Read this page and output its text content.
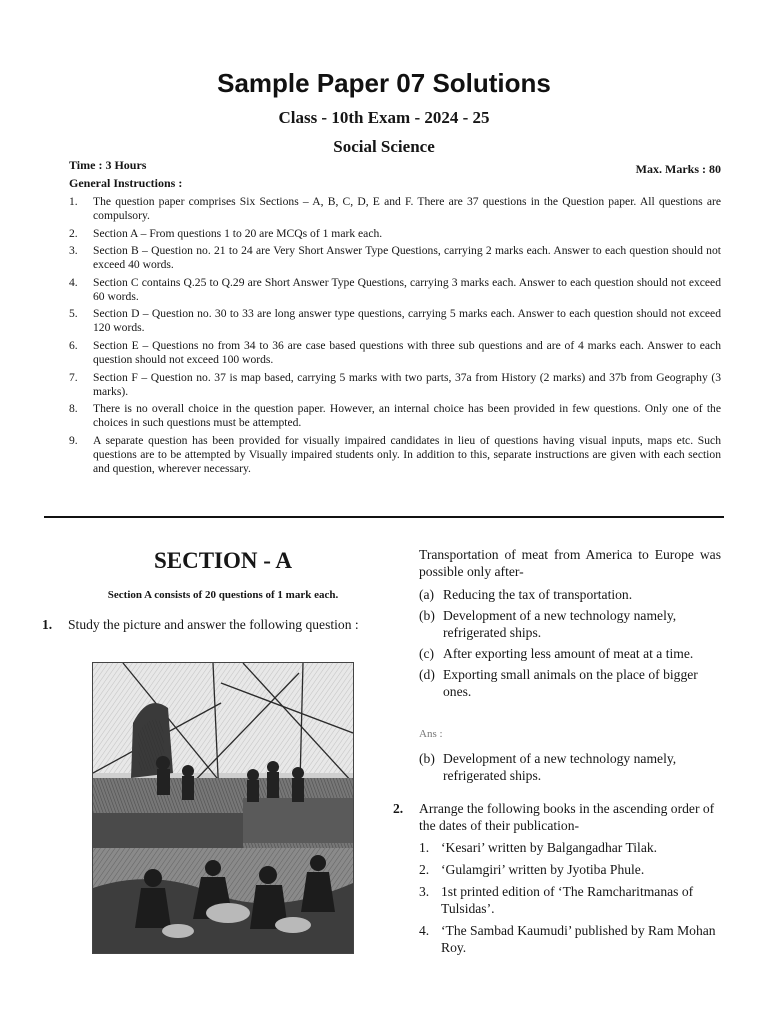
Sample Paper 07 Solutions
Class - 10th Exam - 2024 - 25
Social Science
Time : 3 Hours	Max. Marks : 80
General Instructions :
1.	The question paper comprises Six Sections – A, B, C, D, E and F. There are 37 questions in the Question paper. All questions are compulsory.
2.	Section A – From questions 1 to 20 are MCQs of 1 mark each.
3.	Section B – Question no. 21 to 24 are Very Short Answer Type Questions, carrying 2 marks each. Answer to each question should not exceed 40 words.
4.	Section C contains Q.25 to Q.29 are Short Answer Type Questions, carrying 3 marks each. Answer to each question should not exceed 60 words.
5.	Section D – Question no. 30 to 33 are long answer type questions, carrying 5 marks each. Answer to each question should not exceed 120 words.
6.	Section E – Questions no from 34 to 36 are case based questions with three sub questions and are of 4 marks each. Answer to each question should not exceed 100 words.
7.	Section F – Question no. 37 is map based, carrying 5 marks with two parts, 37a from History (2 marks) and 37b from Geography (3 marks).
8.	There is no overall choice in the question paper. However, an internal choice has been provided in few questions. Only one of the choices in such questions must be attempted.
9.	A separate question has been provided for visually impaired candidates in lieu of questions having visual inputs, maps etc. Such questions are to be attempted by Visually impaired students only. In addition to this, separate instructions are given with each section and question, wherever necessary.
SECTION - A
Section A consists of 20 questions of 1 mark each.
1.	Study the picture and answer the following question :
Transportation of meat from America to Europe was possible only after-
(a) Reducing the tax of transportation.
(b) Development of a new technology namely, refrigerated ships.
(c) After exporting less amount of meat at a time.
(d) Exporting small animals on the place of bigger ones.
Ans :
(b) Development of a new technology namely, refrigerated ships.
2.	Arrange the following books in the ascending order of the dates of their publication-
1. ‘Kesari’ written by Balgangadhar Tilak.
2. ‘Gulamgiri’ written by Jyotiba Phule.
3. 1st printed edition of ‘The Ramcharitmanas of Tulsidas’.
4. ‘The Sambad Kaumudi’ published by Ram Mohan Roy.
